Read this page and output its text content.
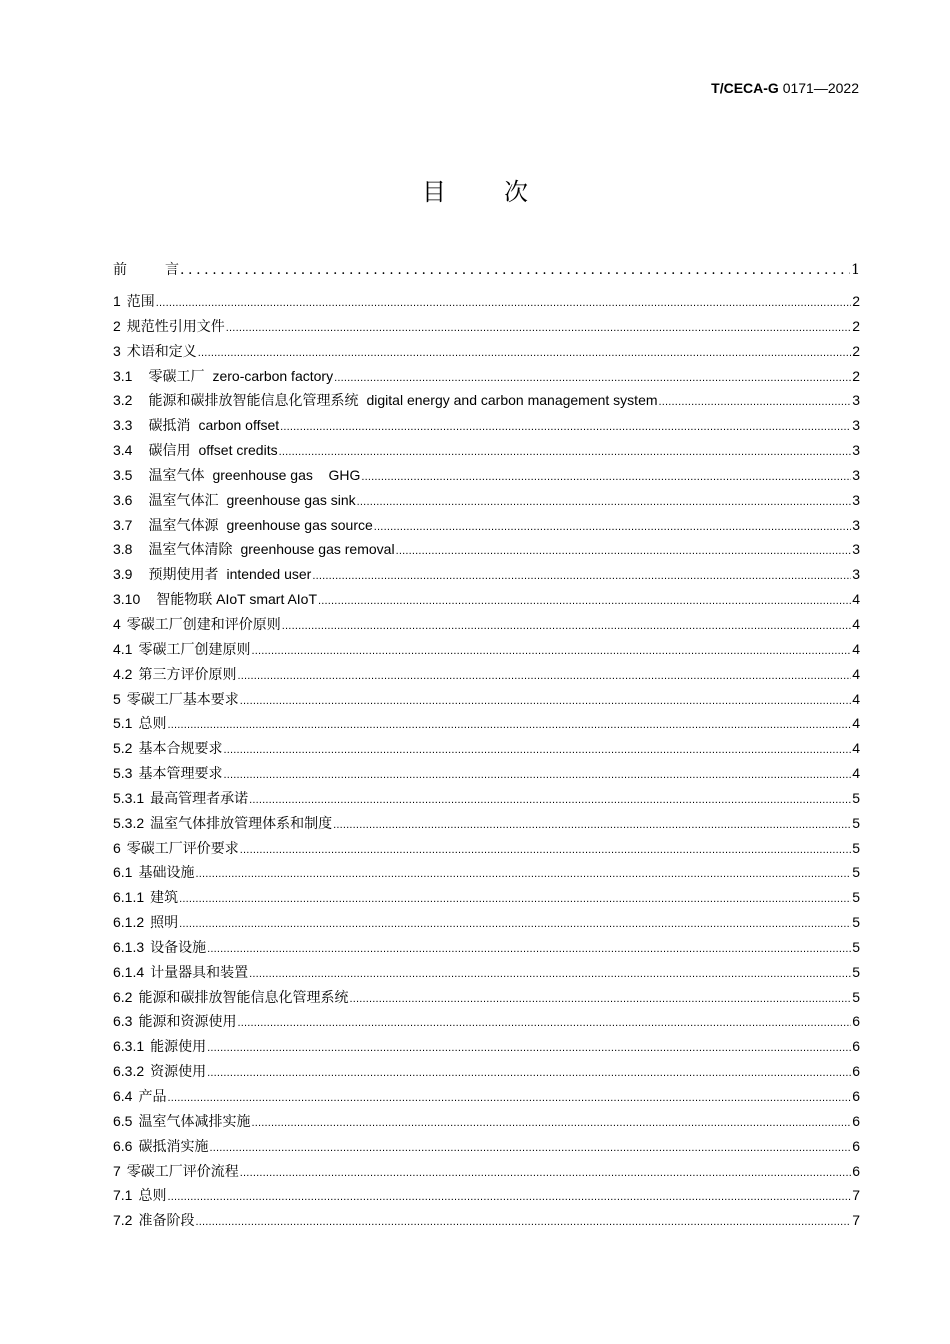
T/CECA-G 0171—2022
目 次
前	言 .....	1
1 范围 .....	2
2 规范性引用文件 .....	2
3 术语和定义 .....	2
3.1 零碳工厂 zero-carbon factory .....	2
3.2 能源和碳排放智能信息化管理系统 digital energy and carbon management system .....	3
3.3 碳抵消 carbon offset .....	3
3.4 碳信用 offset credits .....	3
3.5 温室气体 greenhouse gas    GHG .....	3
3.6 温室气体汇 greenhouse gas sink .....	3
3.7 温室气体源 greenhouse gas source .....	3
3.8 温室气体清除 greenhouse gas removal .....	3
3.9 预期使用者 intended user .....	3
3.10 智能物联 AIoT smart AIoT .....	4
4 零碳工厂创建和评价原则 .....	4
4.1 零碳工厂创建原则 .....	4
4.2 第三方评价原则 .....	4
5 零碳工厂基本要求 .....	4
5.1 总则 .....	4
5.2 基本合规要求 .....	4
5.3 基本管理要求 .....	4
5.3.1 最高管理者承诺 .....	5
5.3.2 温室气体排放管理体系和制度 .....	5
6 零碳工厂评价要求 .....	5
6.1 基础设施 .....	5
6.1.1 建筑 .....	5
6.1.2 照明 .....	5
6.1.3 设备设施 .....	5
6.1.4 计量器具和装置 .....	5
6.2 能源和碳排放智能信息化管理系统 .....	5
6.3 能源和资源使用 .....	6
6.3.1 能源使用 .....	6
6.3.2 资源使用 .....	6
6.4 产品 .....	6
6.5 温室气体减排实施 .....	6
6.6 碳抵消实施 .....	6
7 零碳工厂评价流程 .....	6
7.1 总则 .....	7
7.2 准备阶段 .....	7
